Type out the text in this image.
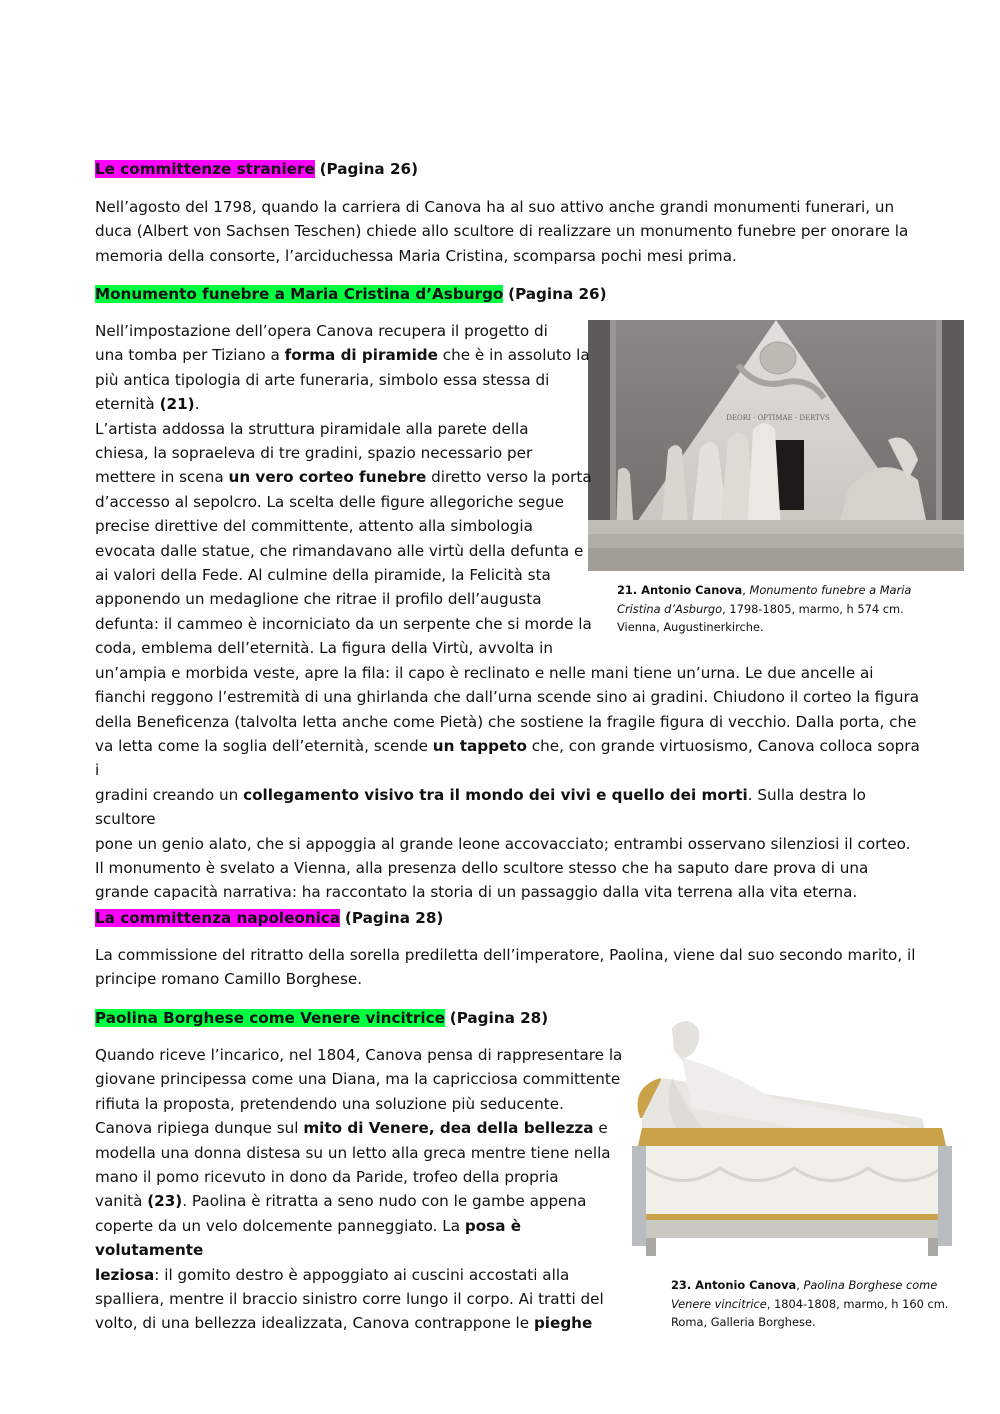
Le committenze straniere (Pagina 26)
Nell’agosto del 1798, quando la carriera di Canova ha al suo attivo anche grandi monumenti funerari, un
duca (Albert von Sachsen Teschen) chiede allo scultore di realizzare un monumento funebre per onorare la
memoria della consorte, l’arciduchessa Maria Cristina, scomparsa pochi mesi prima.
Monumento funebre a Maria Cristina d’Asburgo (Pagina 26)
DEORI · OPTIMAE · DERTVS
21. Antonio Canova, Monumento funebre a Maria Cristina d’Asburgo, 1798-1805, marmo, h 574 cm. Vienna, Augustinerkirche.
Nell’impostazione dell’opera Canova recupera il progetto di
una tomba per Tiziano a forma di piramide che è in assoluto la
più antica tipologia di arte funeraria, simbolo essa stessa di
eternità (21).
L’artista addossa la struttura piramidale alla parete della
chiesa, la sopraeleva di tre gradini, spazio necessario per
mettere in scena un vero corteo funebre diretto verso la porta
d’accesso al sepolcro. La scelta delle figure allegoriche segue
precise direttive del committente, attento alla simbologia
evocata dalle statue, che rimandavano alle virtù della defunta e
ai valori della Fede. Al culmine della piramide, la Felicità sta
apponendo un medaglione che ritrae il profilo dell’augusta
defunta: il cammeo è incorniciato da un serpente che si morde la
coda, emblema dell’eternità. La figura della Virtù, avvolta in
un’ampia e morbida veste, apre la fila: il capo è reclinato e nelle mani tiene un’urna. Le due ancelle ai
fianchi reggono l’estremità di una ghirlanda che dall’urna scende sino ai gradini. Chiudono il corteo la figura
della Beneficenza (talvolta letta anche come Pietà) che sostiene la fragile figura di vecchio. Dalla porta, che
va letta come la soglia dell’eternità, scende un tappeto che, con grande virtuosismo, Canova colloca sopra i
gradini creando un collegamento visivo tra il mondo dei vivi e quello dei morti. Sulla destra lo scultore
pone un genio alato, che si appoggia al grande leone accovacciato; entrambi osservano silenziosi il corteo.
Il monumento è svelato a Vienna, alla presenza dello scultore stesso che ha saputo dare prova di una
grande capacità narrativa: ha raccontato la storia di un passaggio dalla vita terrena alla vita eterna.
La committenza napoleonica (Pagina 28)
La commissione del ritratto della sorella prediletta dell’imperatore, Paolina, viene dal suo secondo marito, il
principe romano Camillo Borghese.
Paolina Borghese come Venere vincitrice (Pagina 28)
23. Antonio Canova, Paolina Borghese come Venere vincitrice, 1804-1808, marmo, h 160 cm. Roma, Galleria Borghese.
Quando riceve l’incarico, nel 1804, Canova pensa di rappresentare la
giovane principessa come una Diana, ma la capricciosa committente
rifiuta la proposta, pretendendo una soluzione più seducente.
Canova ripiega dunque sul mito di Venere, dea della bellezza e
modella una donna distesa su un letto alla greca mentre tiene nella
mano il pomo ricevuto in dono da Paride, trofeo della propria
vanità (23). Paolina è ritratta a seno nudo con le gambe appena
coperte da un velo dolcemente panneggiato. La posa è volutamente
leziosa: il gomito destro è appoggiato ai cuscini accostati alla
spalliera, mentre il braccio sinistro corre lungo il corpo. Ai tratti del
volto, di una bellezza idealizzata, Canova contrappone le pieghe
